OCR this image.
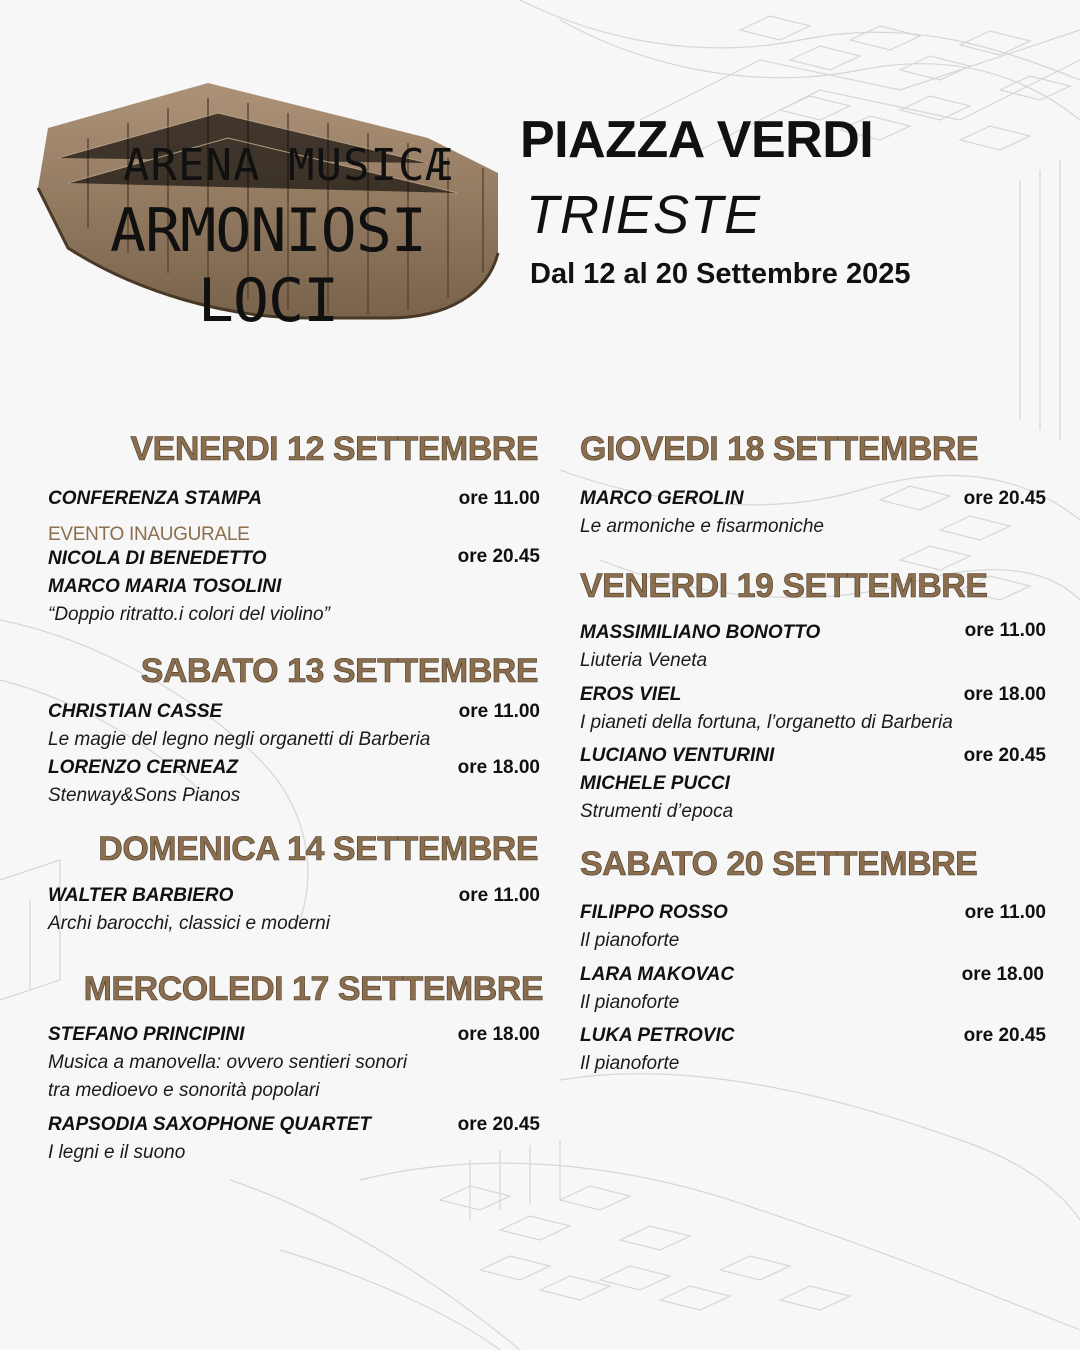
ARENA MUSICÆ
ARMONIOSI LOCI
PIAZZA VERDI
TRIESTE
Dal 12 al 20 Settembre 2025
VENERDI 12 SETTEMBRE
CONFERENZA STAMPA	ore 11.00
EVENTO INAUGURALE
NICOLA DI BENEDETTO	ore 20.45
MARCO MARIA TOSOLINI
“Doppio ritratto.i colori del violino”
SABATO 13 SETTEMBRE
CHRISTIAN CASSE	ore 11.00
Le magie del legno negli organetti di Barberia
LORENZO CERNEAZ	ore 18.00
Stenway&Sons Pianos
DOMENICA 14 SETTEMBRE
WALTER BARBIERO	ore 11.00
Archi barocchi, classici e moderni
MERCOLEDI 17 SETTEMBRE
STEFANO PRINCIPINI	ore 18.00
Musica a manovella: ovvero sentieri sonori
tra medioevo e sonorità popolari
RAPSODIA SAXOPHONE QUARTET	ore 20.45
I legni e il suono
GIOVEDI 18 SETTEMBRE
MARCO GEROLIN	ore 20.45
Le armoniche e fisarmoniche
VENERDI 19 SETTEMBRE
MASSIMILIANO BONOTTO	ore 11.00
Liuteria Veneta
EROS VIEL	ore 18.00
I pianeti della fortuna, l’organetto di Barberia
LUCIANO VENTURINI	ore 20.45
MICHELE PUCCI
Strumenti d’epoca
SABATO 20 SETTEMBRE
FILIPPO ROSSO	ore 11.00
Il pianoforte
LARA MAKOVAC	ore 18.00
Il pianoforte
LUKA PETROVIC	ore 20.45
Il pianoforte
